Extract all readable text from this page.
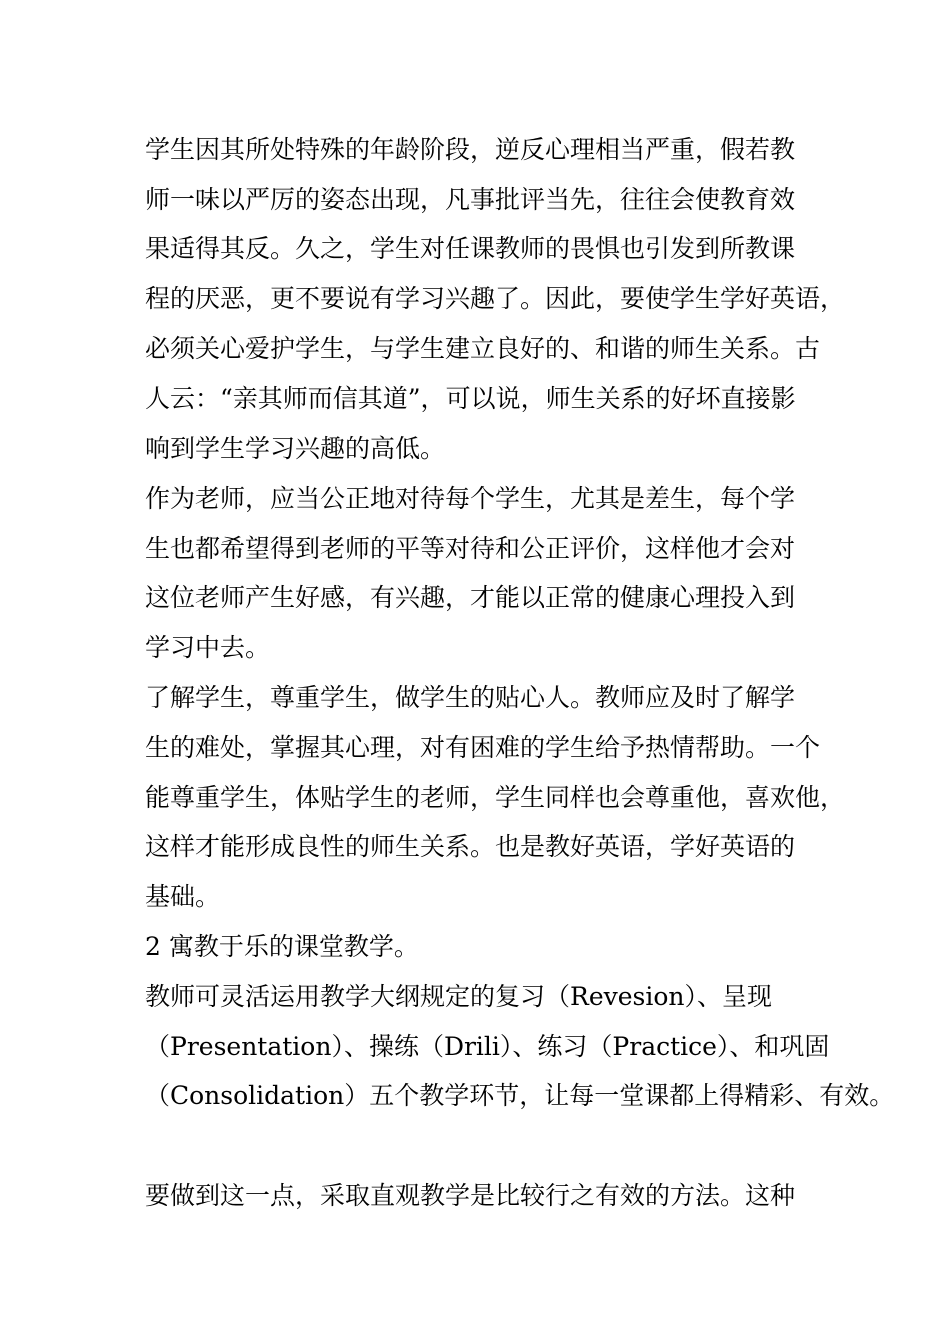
学生因其所处特殊的年龄阶段，逆反心理相当严重，假若教
师一味以严厉的姿态出现，凡事批评当先，往往会使教育效
果适得其反。久之，学生对任课教师的畏惧也引发到所教课
程的厌恶，更不要说有学习兴趣了。因此，要使学生学好英语，
必须关心爱护学生，与学生建立良好的、和谐的师生关系。古
人云：“亲其师而信其道”，可以说，师生关系的好坏直接影
响到学生学习兴趣的高低。
作为老师，应当公正地对待每个学生，尤其是差生，每个学
生也都希望得到老师的平等对待和公正评价，这样他才会对
这位老师产生好感，有兴趣，才能以正常的健康心理投入到
学习中去。
了解学生，尊重学生，做学生的贴心人。教师应及时了解学
生的难处，掌握其心理，对有困难的学生给予热情帮助。一个
能尊重学生，体贴学生的老师，学生同样也会尊重他，喜欢他，
这样才能形成良性的师生关系。也是教好英语，学好英语的
基础。
2 寓教于乐的课堂教学。
教师可灵活运用教学大纲规定的复习（Revesion）、呈现
（Presentation）、操练（Drili）、练习（Practice）、和巩固
（Consolidation）五个教学环节，让每一堂课都上得精彩、有效。
要做到这一点，采取直观教学是比较行之有效的方法。这种
